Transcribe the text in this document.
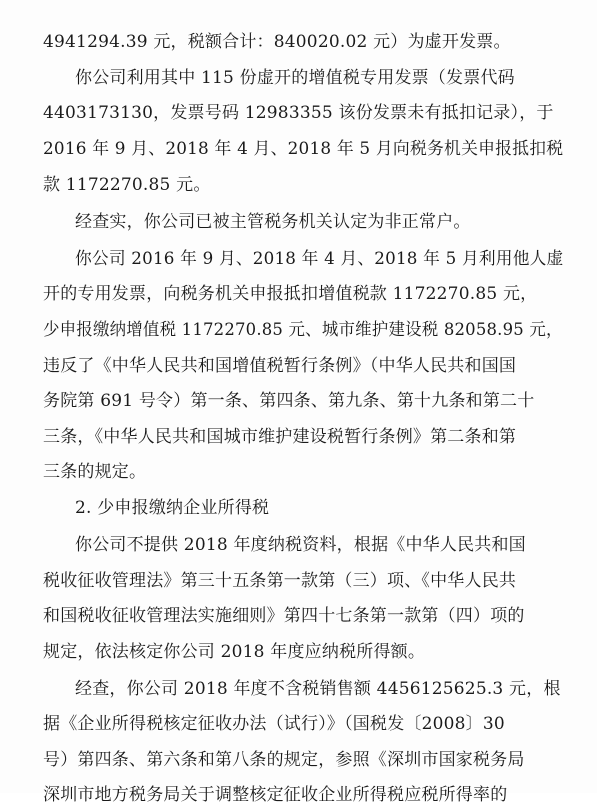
4941294.39 元，税额合计：840020.02 元）为虚开发票。
你公司利用其中 115 份虚开的增值税专用发票（发票代码
4403173130，发票号码 12983355 该份发票未有抵扣记录），于
2016 年 9 月、2018 年 4 月、2018 年 5 月向税务机关申报抵扣税
款 1172270.85 元。
经查实，你公司已被主管税务机关认定为非正常户。
你公司 2016 年 9 月、2018 年 4 月、2018 年 5 月利用他人虚
开的专用发票，向税务机关申报抵扣增值税款 1172270.85 元，
少申报缴纳增值税 1172270.85 元、城市维护建设税 82058.95 元，
违反了《中华人民共和国增值税暂行条例》（中华人民共和国国
务院第 691 号令）第一条、第四条、第九条、第十九条和第二十
三条，《中华人民共和国城市维护建设税暂行条例》第二条和第
三条的规定。
2. 少申报缴纳企业所得税
你公司不提供 2018 年度纳税资料，根据《中华人民共和国
税收征收管理法》第三十五条第一款第（三）项、《中华人民共
和国税收征收管理法实施细则》第四十七条第一款第（四）项的
规定，依法核定你公司 2018 年度应纳税所得额。
经查，你公司 2018 年度不含税销售额 4456125625.3 元，根
据《企业所得税核定征收办法（试行）》（国税发〔2008〕30
号）第四条、第六条和第八条的规定，参照《深圳市国家税务局
深圳市地方税务局关于调整核定征收企业所得税应税所得率的
